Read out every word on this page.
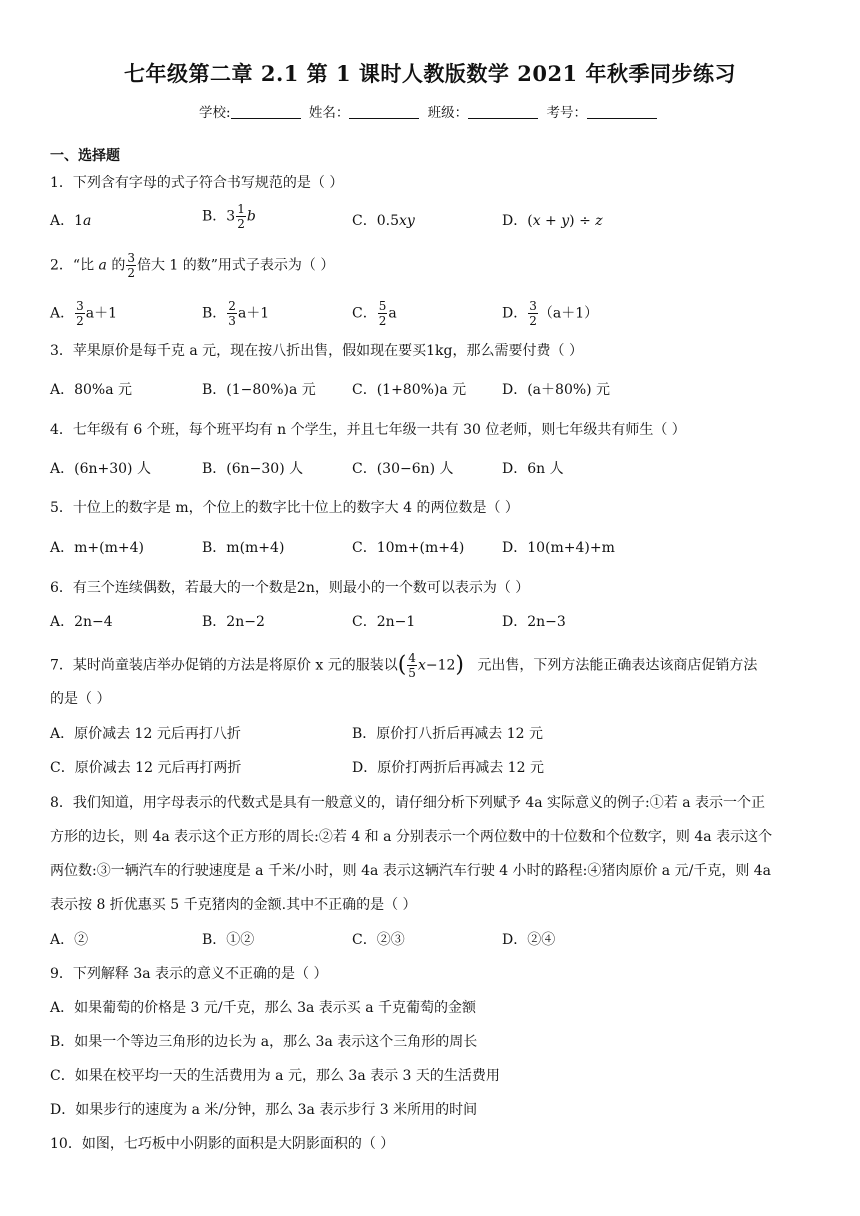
七年级第二章 2.1 第 1 课时人教版数学 2021 年秋季同步练习
学校:	姓名：	班级：	考号：
一、选择题
1．下列含有字母的式子符合书写规范的是（ ）
A．1a	B．$3 \frac{1}{2}$ b	C．0.5xy	D．(x + y) ÷ z
2．“比 a 的 $\frac{3}{2}$ 倍大 1 的数”用式子表示为（ ）
A． $\frac{3}{2} a+1$	B． $\frac{2}{3} a+1$	C． $\frac{5}{2}$ a	D． $\frac{3}{2} (a+1)$
3．苹果原价是每千克 a 元，现在按八折出售，假如现在要买1kg，那么需要付费（ ）
A．80%a 元	B．(1−80%)a 元	C．(1+80%)a 元	D．(a＋80%) 元
4．七年级有 6 个班，每个班平均有 n 个学生，并且七年级一共有 30 位老师，则七年级共有师生（ ）
A．(6n+30) 人	B．(6n−30) 人	C．(30−6n) 人	D．6n 人
5．十位上的数字是 m，个位上的数字比十位上的数字大 4 的两位数是（ ）
A．m+(m+4)	B．m(m+4)	C．10m+(m+4)	D．10(m+4)+m
6．有三个连续偶数，若最大的一个数是2n，则最小的一个数可以表示为（ ）
A．2n−4	B．2n−2	C．2n−1	D．2n−3
7．某时尚童装店举办促销的方法是将原价 x 元的服装以( $\frac{4}{5} x-12$) 元出售，下列方法能正确表达该商店促销方法
的是（ ）
A．原价减去 12 元后再打八折	B．原价打八折后再减去 12 元
C．原价减去 12 元后再打两折	D．原价打两折后再减去 12 元
8．我们知道，用字母表示的代数式是具有一般意义的，请仔细分析下列赋予 4a 实际意义的例子:①若 a 表示一个正
方形的边长，则 4a 表示这个正方形的周长:②若 4 和 a 分别表示一个两位数中的十位数和个位数字，则 4a 表示这个
两位数:③一辆汽车的行驶速度是 a 千米/小时，则 4a 表示这辆汽车行驶 4 小时的路程:④猪肉原价 a 元/千克，则 4a
表示按 8 折优惠买 5 千克猪肉的金额.其中不正确的是（ ）
A．②	B．①②	C．②③	D．②④
9．下列解释 3a 表示的意义不正确的是（ ）
A．如果葡萄的价格是 3 元/千克，那么 3a 表示买 a 千克葡萄的金额
B．如果一个等边三角形的边长为 a，那么 3a 表示这个三角形的周长
C．如果在校平均一天的生活费用为 a 元，那么 3a 表示 3 天的生活费用
D．如果步行的速度为 a 米/分钟，那么 3a 表示步行 3 米所用的时间
10．如图，七巧板中小阴影的面积是大阴影面积的（ ）
